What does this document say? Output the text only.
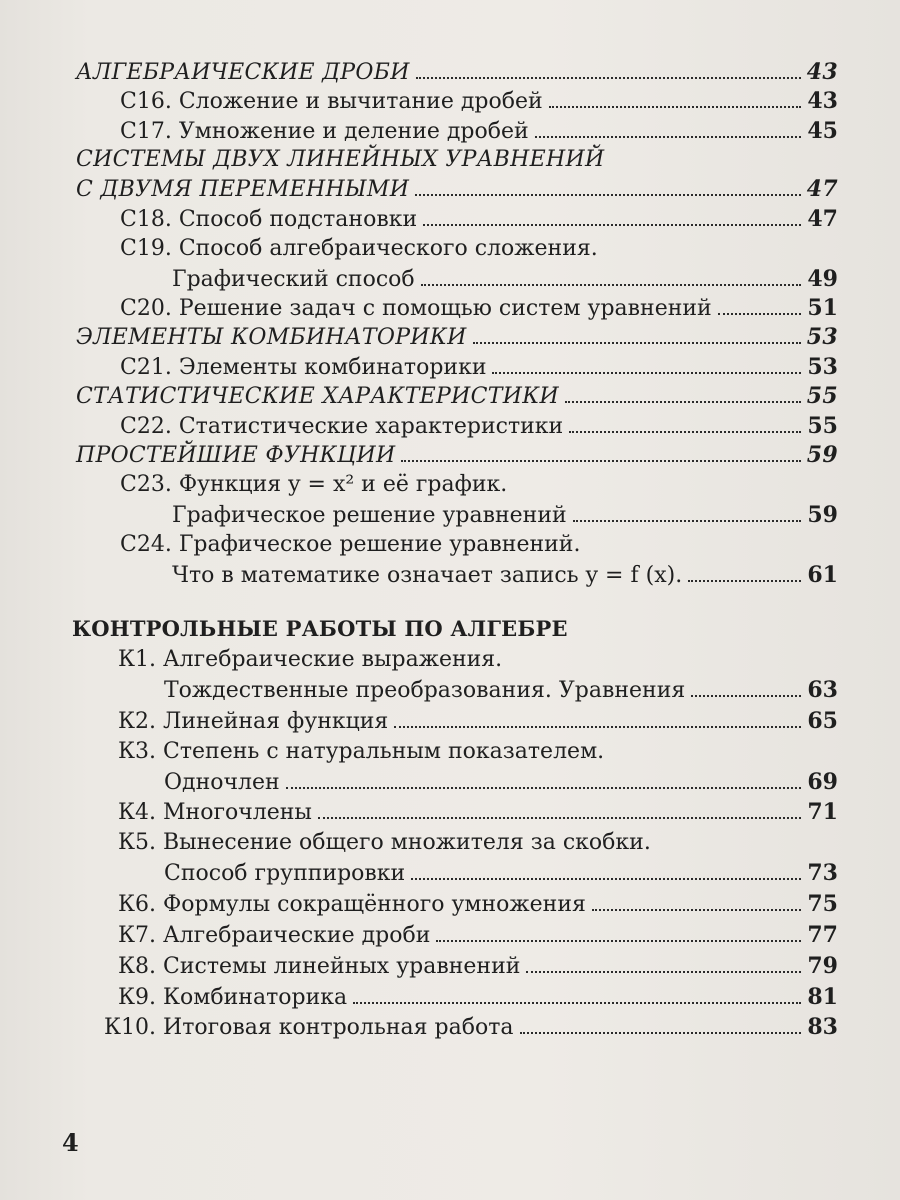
АЛГЕБРАИЧЕСКИЕ ДРОБИ	43
С16. Сложение и вычитание дробей	43
С17. Умножение и деление дробей	45
СИСТЕМЫ ДВУХ ЛИНЕЙНЫХ УРАВНЕНИЙ
С ДВУМЯ ПЕРЕМЕННЫМИ	47
С18. Способ подстановки	47
С19. Способ алгебраического сложения.
Графический способ	49
С20. Решение задач с помощью систем уравнений	51
ЭЛЕМЕНТЫ КОМБИНАТОРИКИ	53
С21. Элементы комбинаторики	53
СТАТИСТИЧЕСКИЕ ХАРАКТЕРИСТИКИ	55
С22. Статистические характеристики	55
ПРОСТЕЙШИЕ ФУНКЦИИ	59
С23. Функция y = x² и её график.
Графическое решение уравнений	59
С24. Графическое решение уравнений.
Что в математике означает запись y = f (x).	61
КОНТРОЛЬНЫЕ РАБОТЫ ПО АЛГЕБРЕ
К1. Алгебраические выражения.
Тождественные преобразования. Уравнения	63
К2. Линейная функция	65
К3. Степень с натуральным показателем.
Одночлен	69
К4. Многочлены	71
К5. Вынесение общего множителя за скобки.
Способ группировки	73
К6. Формулы сокращённого умножения	75
К7. Алгебраические дроби	77
К8. Системы линейных уравнений	79
К9. Комбинаторика	81
К10. Итоговая контрольная работа	83
4
